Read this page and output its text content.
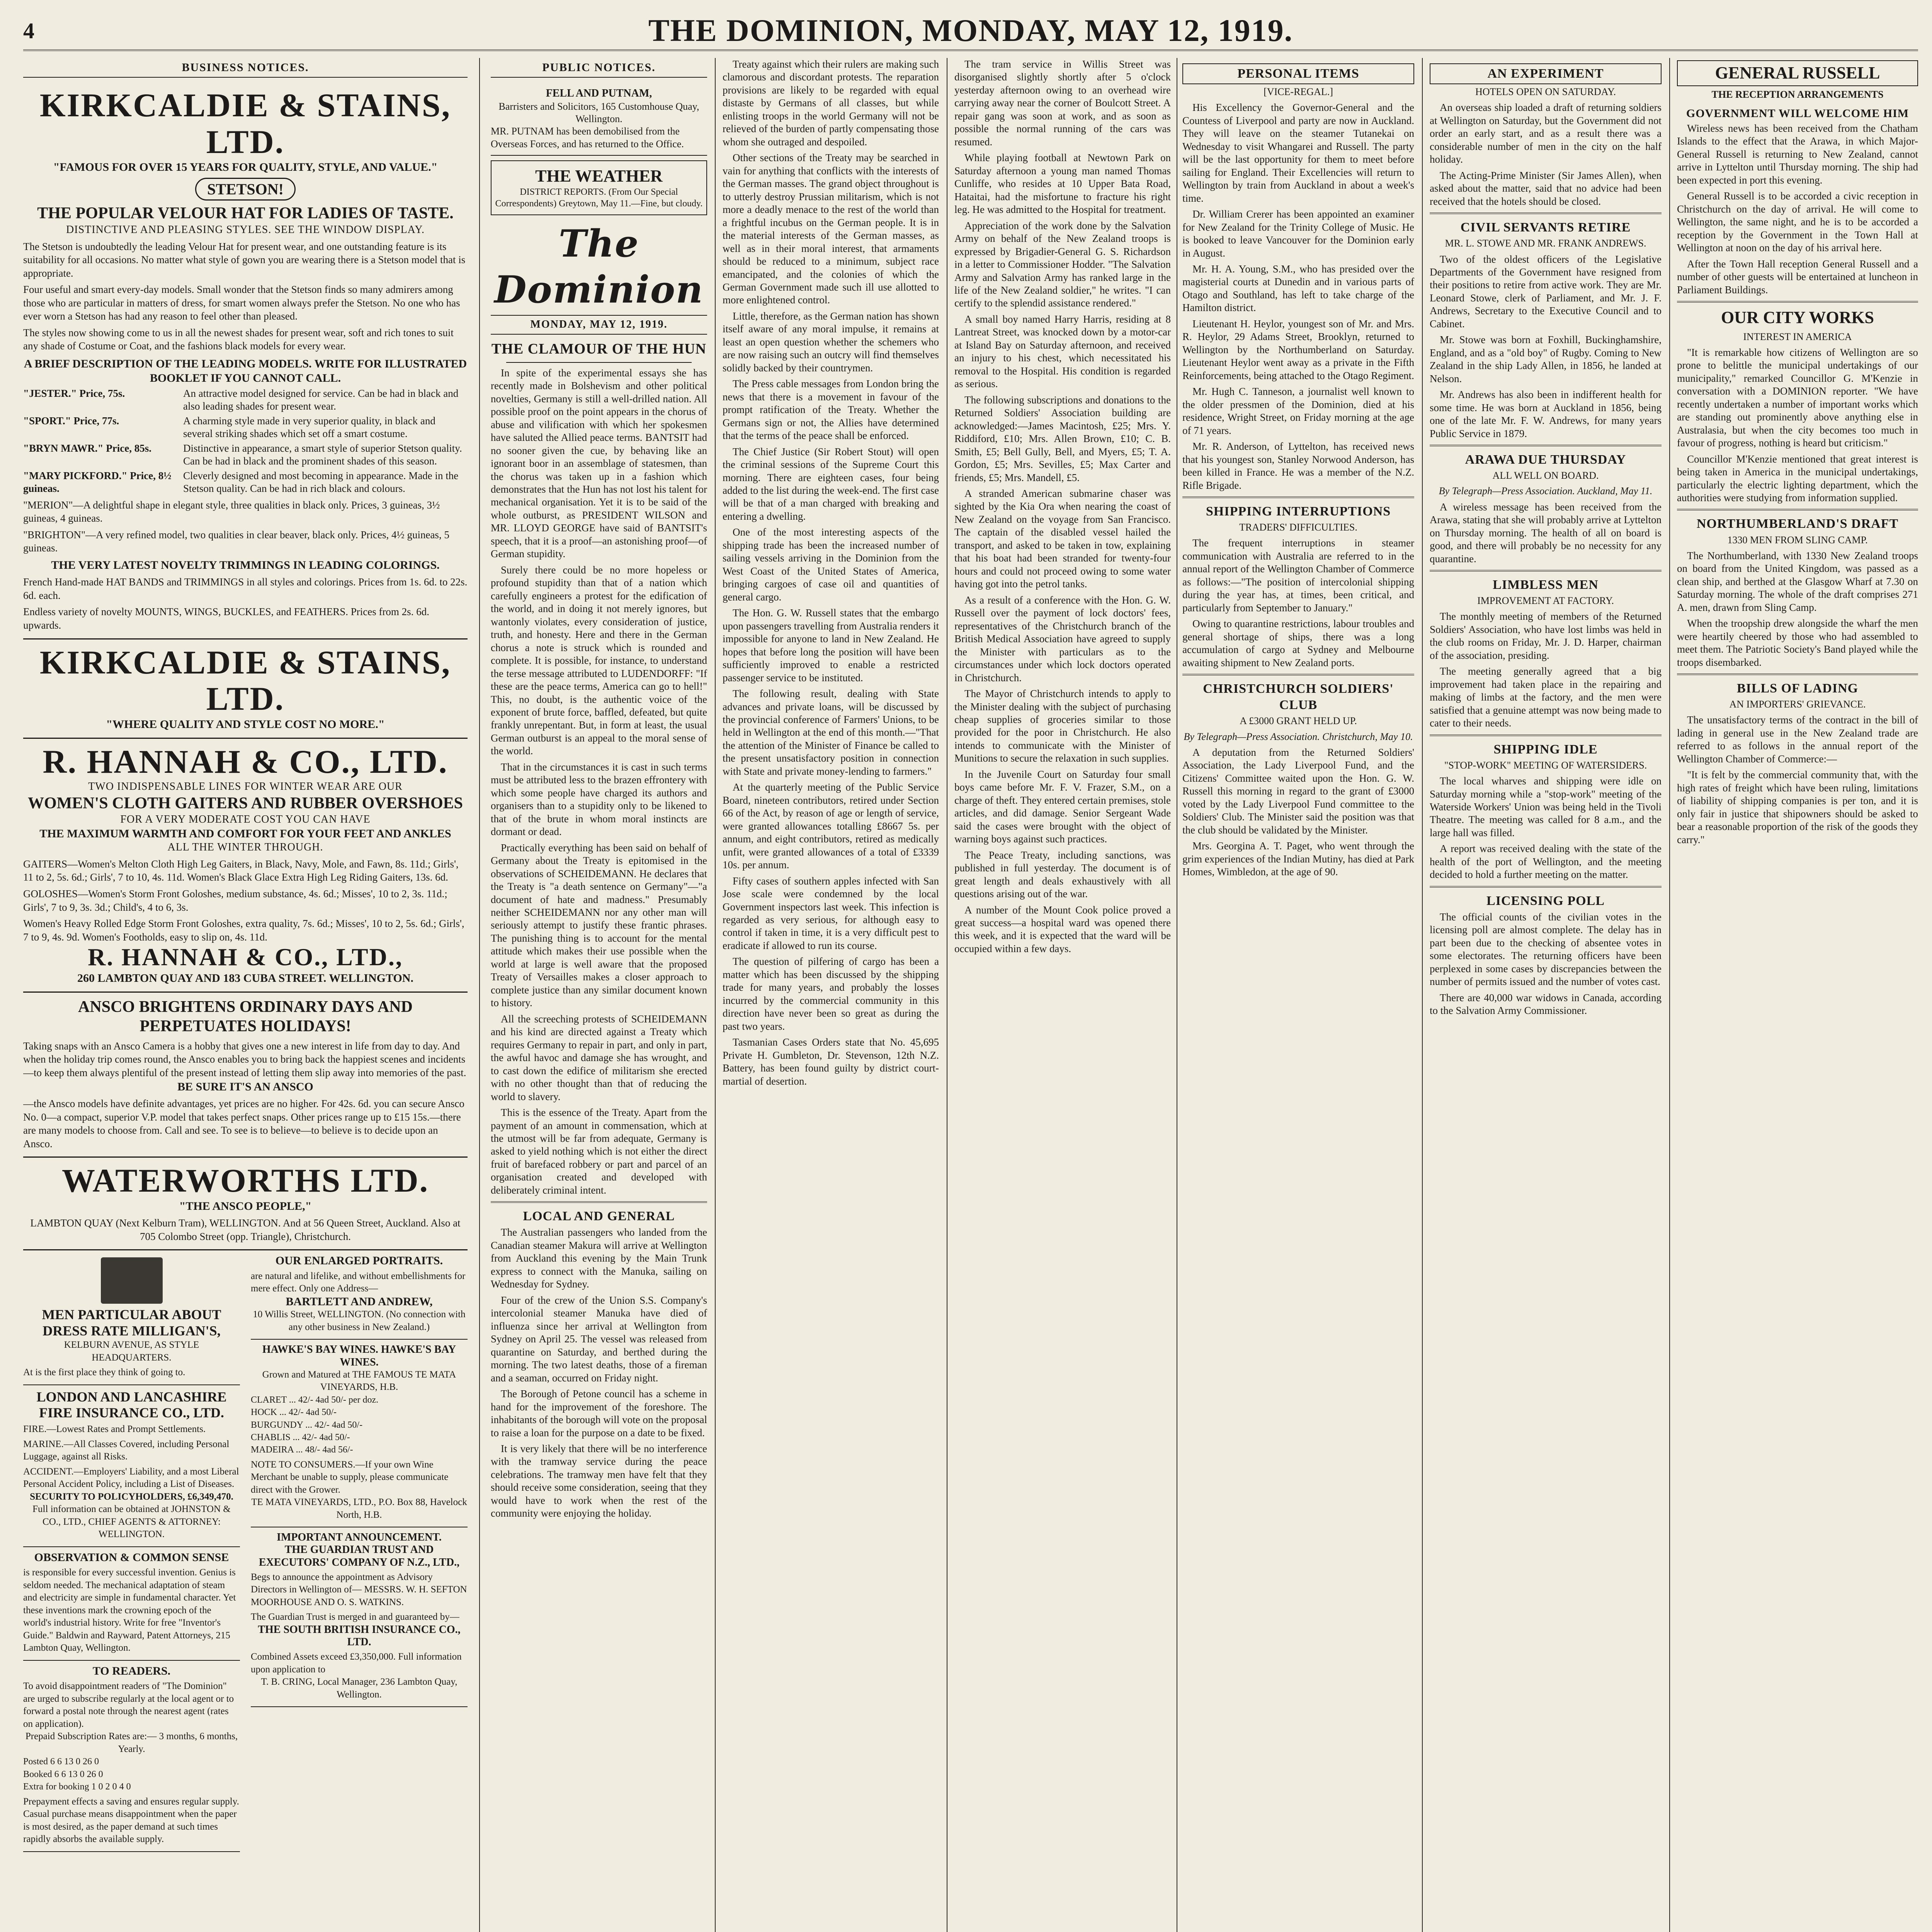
4	THE DOMINION, MONDAY, MAY 12, 1919.
BUSINESS NOTICES.
KIRKCALDIE & STAINS, LTD.
"FAMOUS FOR OVER 15 YEARS FOR QUALITY, STYLE, AND VALUE."
STETSON!
THE POPULAR VELOUR HAT FOR LADIES OF TASTE.
DISTINCTIVE AND PLEASING STYLES. SEE THE WINDOW DISPLAY.
The Stetson is undoubtedly the leading Velour Hat for present wear, and one outstanding feature is its suitability for all occasions. No matter what style of gown you are wearing there is a Stetson model that is appropriate.
Four useful and smart every-day models. Small wonder that the Stetson finds so many admirers among those who are particular in matters of dress, for smart women always prefer the Stetson. No one who has ever worn a Stetson has had any reason to feel other than pleased.
The styles now showing come to us in all the newest shades for present wear, soft and rich tones to suit any shade of Costume or Coat, and the fashions black models for every wear.
A BRIEF DESCRIPTION OF THE LEADING MODELS. WRITE FOR ILLUSTRATED BOOKLET IF YOU CANNOT CALL.
"JESTER." Price, 75s.	An attractive model designed for service. Can be had in black and also leading shades for present wear.
"SPORT." Price, 77s.	A charming style made in very superior quality, in black and several striking shades which set off a smart costume.
"BRYN MAWR." Price, 85s.	Distinctive in appearance, a smart style of superior Stetson quality. Can be had in black and the prominent shades of this season.
"MARY PICKFORD." Price, 8½ guineas.
Cleverly designed and most becoming in appearance. Made in the Stetson quality. Can be had in rich black and colours.
"MERION"—A delightful shape in elegant style, three qualities in black only. Prices, 3 guineas, 3½ guineas, 4 guineas.
"BRIGHTON"—A very refined model, two qualities in clear beaver, black only. Prices, 4½ guineas, 5 guineas.
THE VERY LATEST NOVELTY TRIMMINGS IN LEADING COLORINGS.
French Hand-made HAT BANDS and TRIMMINGS in all styles and colorings. Prices from 1s. 6d. to 22s. 6d. each.
Endless variety of novelty MOUNTS, WINGS, BUCKLES, and FEATHERS. Prices from 2s. 6d. upwards.
KIRKCALDIE & STAINS, LTD.
"WHERE QUALITY AND STYLE COST NO MORE."
R. HANNAH & CO., LTD.
TWO INDISPENSABLE LINES FOR WINTER WEAR ARE OUR
WOMEN'S CLOTH GAITERS AND RUBBER OVERSHOES
FOR A VERY MODERATE COST YOU CAN HAVE
THE MAXIMUM WARMTH AND COMFORT FOR YOUR FEET AND ANKLES
ALL THE WINTER THROUGH.
GAITERS—Women's Melton Cloth High Leg Gaiters, in Black, Navy, Mole, and Fawn, 8s. 11d.; Girls', 11 to 2, 5s. 6d.; Girls', 7 to 10, 4s. 11d. Women's Black Glace Extra High Leg Riding Gaiters, 13s. 6d.
GOLOSHES—Women's Storm Front Goloshes, medium substance, 4s. 6d.; Misses', 10 to 2, 3s. 11d.; Girls', 7 to 9, 3s. 3d.; Child's, 4 to 6, 3s.
Women's Heavy Rolled Edge Storm Front Goloshes, extra quality, 7s. 6d.; Misses', 10 to 2, 5s. 6d.; Girls', 7 to 9, 4s. 9d. Women's Footholds, easy to slip on, 4s. 11d.
R. HANNAH & CO., LTD.,
260 LAMBTON QUAY AND 183 CUBA STREET. WELLINGTON.
ANSCO BRIGHTENS ORDINARY DAYS AND PERPETUATES HOLIDAYS!
Taking snaps with an Ansco Camera is a hobby that gives one a new interest in life from day to day. And when the holiday trip comes round, the Ansco enables you to bring back the happiest scenes and incidents—to keep them always plentiful of the present instead of letting them slip away into memories of the past.
BE SURE IT'S AN ANSCO
—the Ansco models have definite advantages, yet prices are no higher. For 42s. 6d. you can secure Ansco No. 0—a compact, superior V.P. model that takes perfect snaps. Other prices range up to £15 15s.—there are many models to choose from. Call and see. To see is to believe—to believe is to decide upon an Ansco.
WATERWORTHS LTD.
"THE ANSCO PEOPLE,"
LAMBTON QUAY (Next Kelburn Tram), WELLINGTON. And at 56 Queen Street, Auckland. Also at 705 Colombo Street (opp. Triangle), Christchurch.
MEN PARTICULAR ABOUT DRESS RATE MILLIGAN'S,
KELBURN AVENUE, AS STYLE HEADQUARTERS.
At is the first place they think of going to.
LONDON AND LANCASHIRE FIRE INSURANCE CO., LTD.
FIRE.—Lowest Rates and Prompt Settlements.
MARINE.—All Classes Covered, including Personal Luggage, against all Risks.
ACCIDENT.—Employers' Liability, and a most Liberal Personal Accident Policy, including a List of Diseases.
SECURITY TO POLICYHOLDERS, £6,349,470.
Full information can be obtained at JOHNSTON & CO., LTD., CHIEF AGENTS & ATTORNEY: WELLINGTON.
OBSERVATION & COMMON SENSE
is responsible for every successful invention. Genius is seldom needed. The mechanical adaptation of steam and electricity are simple in fundamental character. Yet these inventions mark the crowning epoch of the world's industrial history. Write for free "Inventor's Guide." Baldwin and Rayward, Patent Attorneys, 215 Lambton Quay, Wellington.
TO READERS.
To avoid disappointment readers of "The Dominion" are urged to subscribe regularly at the local agent or to forward a postal note through the nearest agent (rates on application).
Prepaid Subscription Rates are:— 3 months, 6 months, Yearly.
Posted 6 6 13 0 26 0
Booked 6 6 13 0 26 0
Extra for booking 1 0 2 0 4 0
Prepayment effects a saving and ensures regular supply. Casual purchase means disappointment when the paper is most desired, as the paper demand at such times rapidly absorbs the available supply.
OUR ENLARGED PORTRAITS.
are natural and lifelike, and without embellishments for mere effect. Only one Address—
BARTLETT AND ANDREW,
10 Willis Street, WELLINGTON. (No connection with any other business in New Zealand.)
HAWKE'S BAY WINES. HAWKE'S BAY WINES.
Grown and Matured at THE FAMOUS TE MATA VINEYARDS, H.B.
CLARET ... 42/- 4ad 50/- per doz.
HOCK ... 42/- 4ad 50/-
BURGUNDY ... 42/- 4ad 50/-
CHABLIS ... 42/- 4ad 50/-
MADEIRA ... 48/- 4ad 56/-
NOTE TO CONSUMERS.—If your own Wine Merchant be unable to supply, please communicate direct with the Grower.
TE MATA VINEYARDS, LTD., P.O. Box 88, Havelock North, H.B.
IMPORTANT ANNOUNCEMENT.
THE GUARDIAN TRUST AND EXECUTORS' COMPANY OF N.Z., LTD.,
Begs to announce the appointment as Advisory Directors in Wellington of— MESSRS. W. H. SEFTON MOORHOUSE AND O. S. WATKINS.
The Guardian Trust is merged in and guaranteed by—
THE SOUTH BRITISH INSURANCE CO., LTD.
Combined Assets exceed £3,350,000. Full information upon application to
T. B. CRING, Local Manager, 236 Lambton Quay, Wellington.
PUBLIC NOTICES.
FELL AND PUTNAM,
Barristers and Solicitors, 165 Customhouse Quay, Wellington.
MR. PUTNAM has been demobilised from the Overseas Forces, and has returned to the Office.
THE WEATHER
DISTRICT REPORTS. (From Our Special Correspondents) Greytown, May 11.—Fine, but cloudy.
The Dominion
MONDAY, MAY 12, 1919.
THE CLAMOUR OF THE HUN

In spite of the experimental essays she has recently made in Bolshevism and other political novelties, Germany is still a well-drilled nation. All possible proof on the point appears in the chorus of abuse and vilification with which her spokesmen have saluted the Allied peace terms. BANTSIT had no sooner given the cue, by behaving like an ignorant boor in an assemblage of statesmen, than the chorus was taken up in a fashion which demonstrates that the Hun has not lost his talent for mechanical organisation. Yet it is to be said of the whole outburst, as PRESIDENT WILSON and MR. LLOYD GEORGE have said of BANTSIT's speech, that it is a proof—an astonishing proof—of German stupidity.

Surely there could be no more hopeless or profound stupidity than that of a nation which carefully engineers a protest for the edification of the world, and in doing it not merely ignores, but wantonly violates, every consideration of justice, truth, and honesty. Here and there in the German chorus a note is struck which is rounded and complete. It is possible, for instance, to understand the terse message attributed to LUDENDORFF: "If these are the peace terms, America can go to hell!" This, no doubt, is the authentic voice of the exponent of brute force, baffled, defeated, but quite frankly unrepentant. But, in form at least, the usual German outburst is an appeal to the moral sense of the world.

That in the circumstances it is cast in such terms must be attributed less to the brazen effrontery with which some people have charged its authors and organisers than to a stupidity only to be likened to that of the brute in whom moral instincts are dormant or dead.

Practically everything has been said on behalf of Germany about the Treaty is epitomised in the observations of SCHEIDEMANN. He declares that the Treaty is "a death sentence on Germany"—"a document of hate and madness." Presumably neither SCHEIDEMANN nor any other man will seriously attempt to justify these frantic phrases. The punishing thing is to account for the mental attitude which makes their use possible when the world at large is well aware that the proposed Treaty of Versailles makes a closer approach to complete justice than any similar document known to history.

All the screeching protests of SCHEIDEMANN and his kind are directed against a Treaty which requires Germany to repair in part, and only in part, the awful havoc and damage she has wrought, and to cast down the edifice of militarism she erected with no other thought than that of reducing the world to slavery.

This is the essence of the Treaty. Apart from the payment of an amount in commensation, which at the utmost will be far from adequate, Germany is asked to yield nothing which is not either the direct fruit of barefaced robbery or part and parcel of an organisation created and developed with deliberately criminal intent.

LOCAL AND GENERAL

The Australian passengers who landed from the Canadian steamer Makura will arrive at Wellington from Auckland this evening by the Main Trunk express to connect with the Manuka, sailing on Wednesday for Sydney.

Four of the crew of the Union S.S. Company's intercolonial steamer Manuka have died of influenza since her arrival at Wellington from Sydney on April 25. The vessel was released from quarantine on Saturday, and berthed during the morning. The two latest deaths, those of a fireman and a seaman, occurred on Friday night.

The Borough of Petone council has a scheme in hand for the improvement of the foreshore. The inhabitants of the borough will vote on the proposal to raise a loan for the purpose on a date to be fixed.

It is very likely that there will be no interference with the tramway service during the peace celebrations. The tramway men have felt that they should receive some consideration, seeing that they would have to work when the rest of the community were enjoying the holiday.

Treaty against which their rulers are making such clamorous and discordant protests. The reparation provisions are likely to be regarded with equal distaste by Germans of all classes, but while enlisting troops in the world Germany will not be relieved of the burden of partly compensating those whom she outraged and despoiled.

Other sections of the Treaty may be searched in vain for anything that conflicts with the interests of the German masses. The grand object throughout is to utterly destroy Prussian militarism, which is not more a deadly menace to the rest of the world than a frightful incubus on the German people. It is in the material interests of the German masses, as well as in their moral interest, that armaments should be reduced to a minimum, subject race emancipated, and the colonies of which the German Government made such ill use allotted to more enlightened control.

Little, therefore, as the German nation has shown itself aware of any moral impulse, it remains at least an open question whether the schemers who are now raising such an outcry will find themselves solidly backed by their countrymen.

The Press cable messages from London bring the news that there is a movement in favour of the prompt ratification of the Treaty. Whether the Germans sign or not, the Allies have determined that the terms of the peace shall be enforced.

The Chief Justice (Sir Robert Stout) will open the criminal sessions of the Supreme Court this morning. There are eighteen cases, four being added to the list during the week-end. The first case will be that of a man charged with breaking and entering a dwelling.

One of the most interesting aspects of the shipping trade has been the increased number of sailing vessels arriving in the Dominion from the West Coast of the United States of America, bringing cargoes of case oil and quantities of general cargo.

The Hon. G. W. Russell states that the embargo upon passengers travelling from Australia renders it impossible for anyone to land in New Zealand. He hopes that before long the position will have been sufficiently improved to enable a restricted passenger service to be instituted.

The following result, dealing with State advances and private loans, will be discussed by the provincial conference of Farmers' Unions, to be held in Wellington at the end of this month.—"That the attention of the Minister of Finance be called to the present unsatisfactory position in connection with State and private money-lending to farmers."

At the quarterly meeting of the Public Service Board, nineteen contributors, retired under Section 66 of the Act, by reason of age or length of service, were granted allowances totalling £8667 5s. per annum, and eight contributors, retired as medically unfit, were granted allowances of a total of £3339 10s. per annum.

Fifty cases of southern apples infected with San Jose scale were condemned by the local Government inspectors last week. This infection is regarded as very serious, for although easy to control if taken in time, it is a very difficult pest to eradicate if allowed to run its course.

The question of pilfering of cargo has been a matter which has been discussed by the shipping trade for many years, and probably the losses incurred by the commercial community in this direction have never been so great as during the past two years.

Tasmanian Cases Orders state that No. 45,695 Private H. Gumbleton, Dr. Stevenson, 12th N.Z. Battery, has been found guilty by district court-martial of desertion.

The tram service in Willis Street was disorganised slightly shortly after 5 o'clock yesterday afternoon owing to an overhead wire carrying away near the corner of Boulcott Street. A repair gang was soon at work, and as soon as possible the normal running of the cars was resumed.

While playing football at Newtown Park on Saturday afternoon a young man named Thomas Cunliffe, who resides at 10 Upper Bata Road, Hataitai, had the misfortune to fracture his right leg. He was admitted to the Hospital for treatment.

Appreciation of the work done by the Salvation Army on behalf of the New Zealand troops is expressed by Brigadier-General G. S. Richardson in a letter to Commissioner Hodder. "The Salvation Army and Salvation Army has ranked large in the life of the New Zealand soldier," he writes. "I can certify to the splendid assistance rendered."

A small boy named Harry Harris, residing at 8 Lantreat Street, was knocked down by a motor-car at Island Bay on Saturday afternoon, and received an injury to his chest, which necessitated his removal to the Hospital. His condition is regarded as serious.

The following subscriptions and donations to the Returned Soldiers' Association building are acknowledged:—James Macintosh, £25; Mrs. Y. Riddiford, £10; Mrs. Allen Brown, £10; C. B. Smith, £5; Bell Gully, Bell, and Myers, £5; T. A. Gordon, £5; Mrs. Sevilles, £5; Max Carter and friends, £5; Mrs. Mandell, £5.

A stranded American submarine chaser was sighted by the Kia Ora when nearing the coast of New Zealand on the voyage from San Francisco. The captain of the disabled vessel hailed the transport, and asked to be taken in tow, explaining that his boat had been stranded for twenty-four hours and could not proceed owing to some water having got into the petrol tanks.

As a result of a conference with the Hon. G. W. Russell over the payment of lock doctors' fees, representatives of the Christchurch branch of the British Medical Association have agreed to supply the Minister with particulars as to the circumstances under which lock doctors operated in Christchurch.

The Mayor of Christchurch intends to apply to the Minister dealing with the subject of purchasing cheap supplies of groceries similar to those provided for the poor in Christchurch. He also intends to communicate with the Minister of Munitions to secure the relaxation in such supplies.

In the Juvenile Court on Saturday four small boys came before Mr. F. V. Frazer, S.M., on a charge of theft. They entered certain premises, stole articles, and did damage. Senior Sergeant Wade said the cases were brought with the object of warning boys against such practices.

The Peace Treaty, including sanctions, was published in full yesterday. The document is of great length and deals exhaustively with all questions arising out of the war.

A number of the Mount Cook police proved a great success—a hospital ward was opened there this week, and it is expected that the ward will be occupied within a few days.

PERSONAL ITEMS
[VICE-REGAL.]

His Excellency the Governor-General and the Countess of Liverpool and party are now in Auckland. They will leave on the steamer Tutanekai on Wednesday to visit Whangarei and Russell. The party will be the last opportunity for them to meet before sailing for England. Their Excellencies will return to Wellington by train from Auckland in about a week's time.

Dr. William Crerer has been appointed an examiner for New Zealand for the Trinity College of Music. He is booked to leave Vancouver for the Dominion early in August.

Mr. H. A. Young, S.M., who has presided over the magisterial courts at Dunedin and in various parts of Otago and Southland, has left to take charge of the Hamilton district.

Lieutenant H. Heylor, youngest son of Mr. and Mrs. R. Heylor, 29 Adams Street, Brooklyn, returned to Wellington by the Northumberland on Saturday. Lieutenant Heylor went away as a private in the Fifth Reinforcements, being attached to the Otago Regiment.

Mr. Hugh C. Tanneson, a journalist well known to the older pressmen of the Dominion, died at his residence, Wright Street, on Friday morning at the age of 71 years.

Mr. R. Anderson, of Lyttelton, has received news that his youngest son, Stanley Norwood Anderson, has been killed in France. He was a member of the N.Z. Rifle Brigade.

SHIPPING INTERRUPTIONS
TRADERS' DIFFICULTIES.

The frequent interruptions in steamer communication with Australia are referred to in the annual report of the Wellington Chamber of Commerce as follows:—"The position of intercolonial shipping during the year has, at times, been critical, and particularly from September to January."

Owing to quarantine restrictions, labour troubles and general shortage of ships, there was a long accumulation of cargo at Sydney and Melbourne awaiting shipment to New Zealand ports.

CHRISTCHURCH SOLDIERS' CLUB
A £3000 GRANT HELD UP.
By Telegraph—Press Association. Christchurch, May 10.

A deputation from the Returned Soldiers' Association, the Lady Liverpool Fund, and the Citizens' Committee waited upon the Hon. G. W. Russell this morning in regard to the grant of £3000 voted by the Lady Liverpool Fund committee to the Soldiers' Club. The Minister said the position was that the club should be validated by the Minister.

Mrs. Georgina A. T. Paget, who went through the grim experiences of the Indian Mutiny, has died at Park Homes, Wimbledon, at the age of 90.

AN EXPERIMENT
HOTELS OPEN ON SATURDAY.

An overseas ship loaded a draft of returning soldiers at Wellington on Saturday, but the Government did not order an early start, and as a result there was a considerable number of men in the city on the half holiday.

The Acting-Prime Minister (Sir James Allen), when asked about the matter, said that no advice had been received that the hotels should be closed.

CIVIL SERVANTS RETIRE
MR. L. STOWE AND MR. FRANK ANDREWS.

Two of the oldest officers of the Legislative Departments of the Government have resigned from their positions to retire from active work. They are Mr. Leonard Stowe, clerk of Parliament, and Mr. J. F. Andrews, Secretary to the Executive Council and to Cabinet.

Mr. Stowe was born at Foxhill, Buckinghamshire, England, and as a "old boy" of Rugby. Coming to New Zealand in the ship Lady Allen, in 1856, he landed at Nelson.

Mr. Andrews has also been in indifferent health for some time. He was born at Auckland in 1856, being one of the late Mr. F. W. Andrews, for many years Public Service in 1879.

ARAWA DUE THURSDAY
ALL WELL ON BOARD.
By Telegraph—Press Association. Auckland, May 11.

A wireless message has been received from the Arawa, stating that she will probably arrive at Lyttelton on Thursday morning. The health of all on board is good, and there will probably be no necessity for any quarantine.

LIMBLESS MEN
IMPROVEMENT AT FACTORY.

The monthly meeting of members of the Returned Soldiers' Association, who have lost limbs was held in the club rooms on Friday, Mr. J. D. Harper, chairman of the association, presiding.

The meeting generally agreed that a big improvement had taken place in the repairing and making of limbs at the factory, and the men were satisfied that a genuine attempt was now being made to cater to their needs.

SHIPPING IDLE
"STOP-WORK" MEETING OF WATERSIDERS.

The local wharves and shipping were idle on Saturday morning while a "stop-work" meeting of the Waterside Workers' Union was being held in the Tivoli Theatre. The meeting was called for 8 a.m., and the large hall was filled.

A report was received dealing with the state of the health of the port of Wellington, and the meeting decided to hold a further meeting on the matter.

LICENSING POLL

The official counts of the civilian votes in the licensing poll are almost complete. The delay has in part been due to the checking of absentee votes in some electorates. The returning officers have been perplexed in some cases by discrepancies between the number of permits issued and the number of votes cast.

There are 40,000 war widows in Canada, according to the Salvation Army Commissioner.

GENERAL RUSSELL
THE RECEPTION ARRANGEMENTS
GOVERNMENT WILL WELCOME HIM

Wireless news has been received from the Chatham Islands to the effect that the Arawa, in which Major-General Russell is returning to New Zealand, cannot arrive in Lyttelton until Thursday morning. The ship had been expected in port this evening.

General Russell is to be accorded a civic reception in Christchurch on the day of arrival. He will come to Wellington, the same night, and he is to be accorded a reception by the Government in the Town Hall at Wellington at noon on the day of his arrival here.

After the Town Hall reception General Russell and a number of other guests will be entertained at luncheon in Parliament Buildings.

OUR CITY WORKS
INTEREST IN AMERICA

"It is remarkable how citizens of Wellington are so prone to belittle the municipal undertakings of our municipality," remarked Councillor G. M'Kenzie in conversation with a DOMINION reporter. "We have recently undertaken a number of important works which are standing out prominently above anything else in Australasia, but when the city becomes too much in favour of progress, nothing is heard but criticism."

Councillor M'Kenzie mentioned that great interest is being taken in America in the municipal undertakings, particularly the electric lighting department, which the authorities were studying from information supplied.

NORTHUMBERLAND'S DRAFT
1330 MEN FROM SLING CAMP.

The Northumberland, with 1330 New Zealand troops on board from the United Kingdom, was passed as a clean ship, and berthed at the Glasgow Wharf at 7.30 on Saturday morning. The whole of the draft comprises 271 A. men, drawn from Sling Camp.

When the troopship drew alongside the wharf the men were heartily cheered by those who had assembled to meet them. The Patriotic Society's Band played while the troops disembarked.

BILLS OF LADING
AN IMPORTERS' GRIEVANCE.

The unsatisfactory terms of the contract in the bill of lading in general use in the New Zealand trade are referred to as follows in the annual report of the Wellington Chamber of Commerce:—

"It is felt by the commercial community that, with the high rates of freight which have been ruling, limitations of liability of shipping companies is per ton, and it is only fair in justice that shipowners should be asked to bear a reasonable proportion of the risk of the goods they carry."
